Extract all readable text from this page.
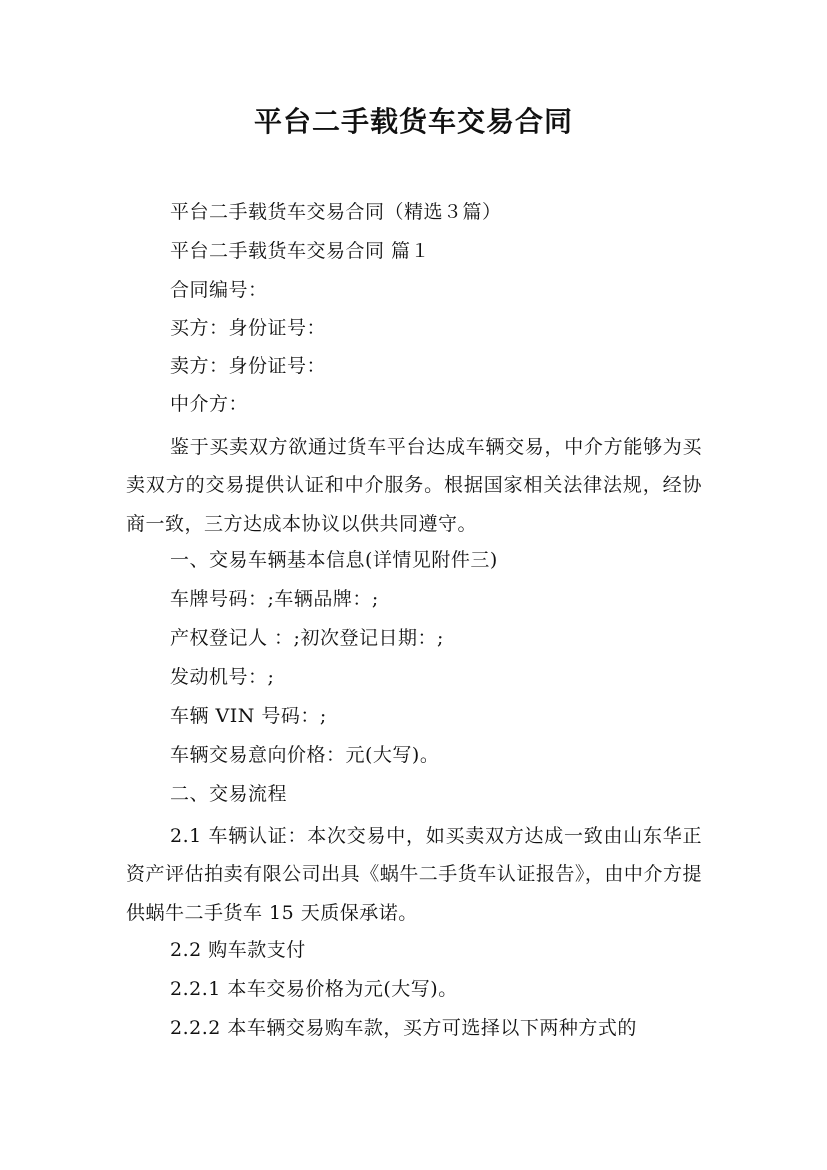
平台二手载货车交易合同
平台二手载货车交易合同（精选３篇）
平台二手载货车交易合同 篇１
合同编号：
买方：身份证号：
卖方：身份证号：
中介方：
鉴于买卖双方欲通过货车平台达成车辆交易，中介方能够为买卖双方的交易提供认证和中介服务。根据国家相关法律法规，经协商一致，三方达成本协议以供共同遵守。
一、交易车辆基本信息(详情见附件三)
车牌号码：;车辆品牌：;
产权登记人 ：;初次登记日期：;
发动机号：;
车辆 VIN 号码：;
车辆交易意向价格：元(大写)。
二、交易流程
2.1 车辆认证：本次交易中，如买卖双方达成一致由山东华正资产评估拍卖有限公司出具《蜗牛二手货车认证报告》，由中介方提供蜗牛二手货车 15 天质保承诺。
2.2 购车款支付
2.2.1 本车交易价格为元(大写)。
2.2.2 本车辆交易购车款，买方可选择以下两种方式的
